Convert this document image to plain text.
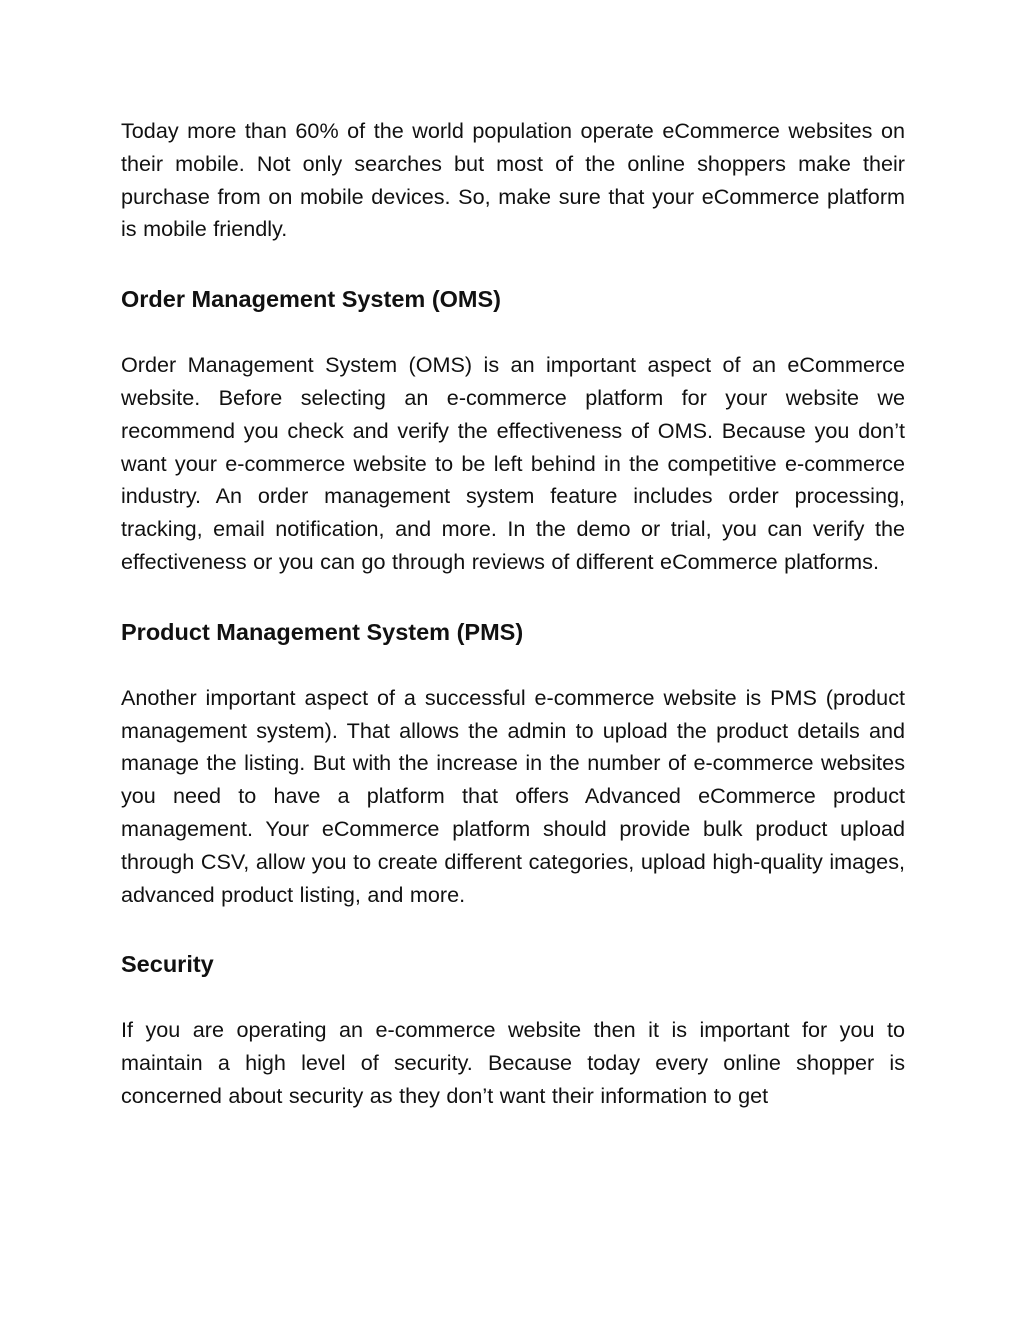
Today more than 60% of the world population operate eCommerce websites on their mobile. Not only searches but most of the online shoppers make their purchase from on mobile devices. So, make sure that your eCommerce platform is mobile friendly.

Order Management System (OMS)

Order Management System (OMS) is an important aspect of an eCommerce website. Before selecting an e-commerce platform for your website we recommend you check and verify the effectiveness of OMS. Because you don’t want your e-commerce website to be left behind in the competitive e-commerce industry. An order management system feature includes order processing, tracking, email notification, and more. In the demo or trial, you can verify the effectiveness or you can go through reviews of different eCommerce platforms.

Product Management System (PMS)

Another important aspect of a successful e-commerce website is PMS (product management system). That allows the admin to upload the product details and manage the listing. But with the increase in the number of e-commerce websites you need to have a platform that offers Advanced eCommerce product management. Your eCommerce platform should provide bulk product upload through CSV, allow you to create different categories, upload high-quality images, advanced product listing, and more.

Security

If you are operating an e-commerce website then it is important for you to maintain a high level of security. Because today every online shopper is concerned about security as they don’t want their information to get
